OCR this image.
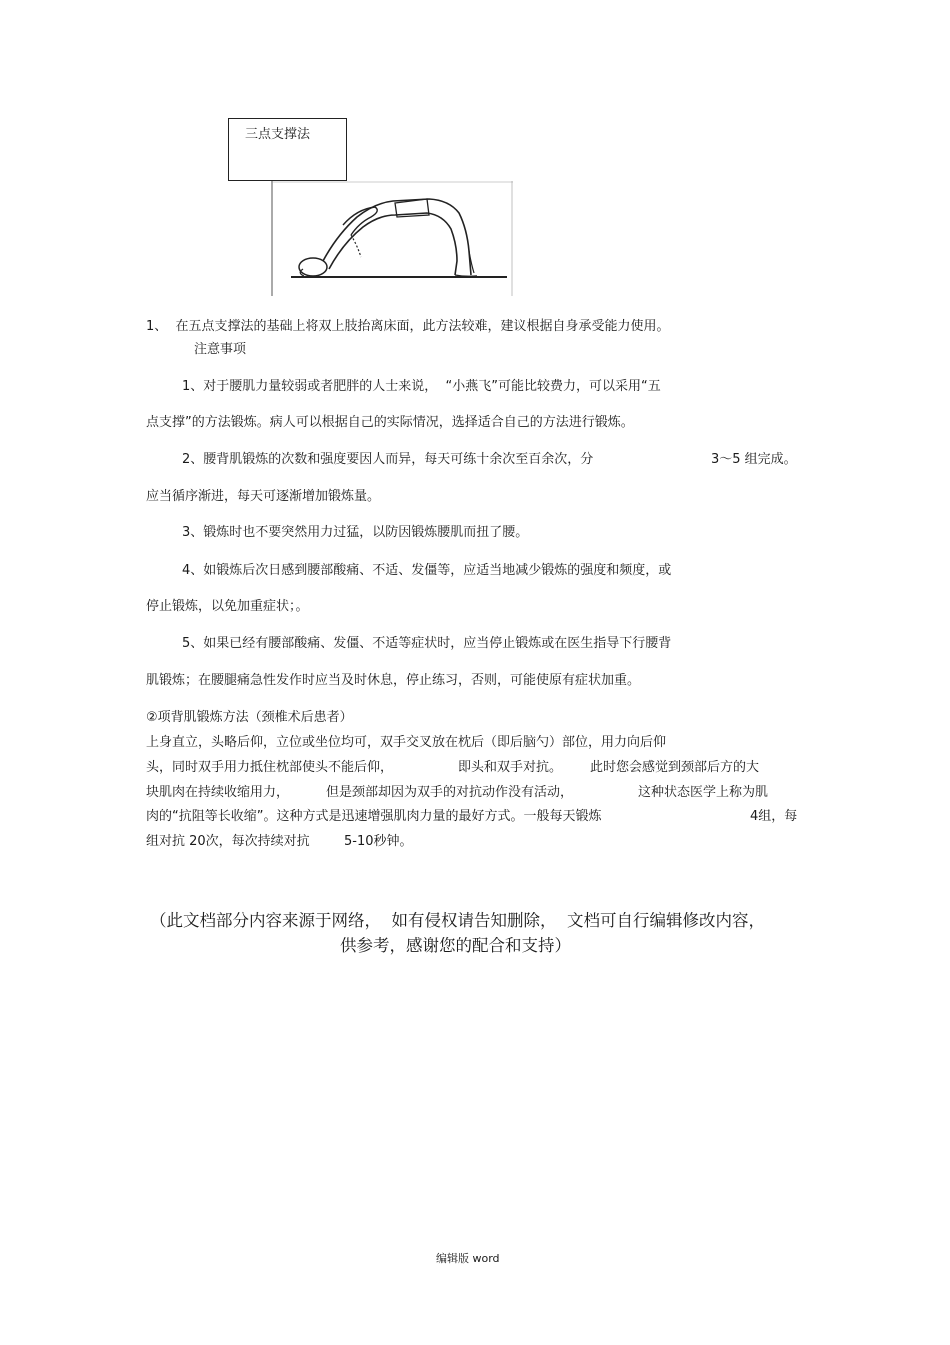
三点支撑法
1、  在五点支撑法的基础上将双上肢抬离床面，此方法较难，建议根据自身承受能力使用。
注意事项
1、对于腰肌力量较弱或者肥胖的人士来说，  “小燕飞”可能比较费力，可以采用“五
点支撑”的方法锻炼。病人可以根据自己的实际情况，选择适合自己的方法进行锻炼。
2、腰背肌锻炼的次数和强度要因人而异，每天可练十余次至百余次，分	3～5 组完成。
应当循序渐进，每天可逐渐增加锻炼量。
3、锻炼时也不要突然用力过猛，以防因锻炼腰肌而扭了腰。
4、如锻炼后次日感到腰部酸痛、不适、发僵等，应适当地减少锻炼的强度和频度，或
停止锻炼，以免加重症状；。
5、如果已经有腰部酸痛、发僵、不适等症状时，应当停止锻炼或在医生指导下行腰背
肌锻炼；在腰腿痛急性发作时应当及时休息，停止练习，否则，可能使原有症状加重。
②项背肌锻炼方法（颈椎术后患者）
上身直立，头略后仰，立位或坐位均可，双手交叉放在枕后（即后脑勺）部位，用力向后仰
头，同时双手用力抵住枕部使头不能后仰，	即头和双手对抗。 此时您会感觉到颈部后方的大
块肌肉在持续收缩用力，	但是颈部却因为双手的对抗动作没有活动，	这种状态医学上称为肌
肉的“抗阻等长收缩”。这种方式是迅速增强肌肉力量的最好方式。一般每天锻炼	4组，每
组对抗 20次，每次持续对抗	5-10秒钟。
（此文档部分内容来源于网络，  如有侵权请告知删除，  文档可自行编辑修改内容，
供参考，感谢您的配合和支持）
编辑版 word
